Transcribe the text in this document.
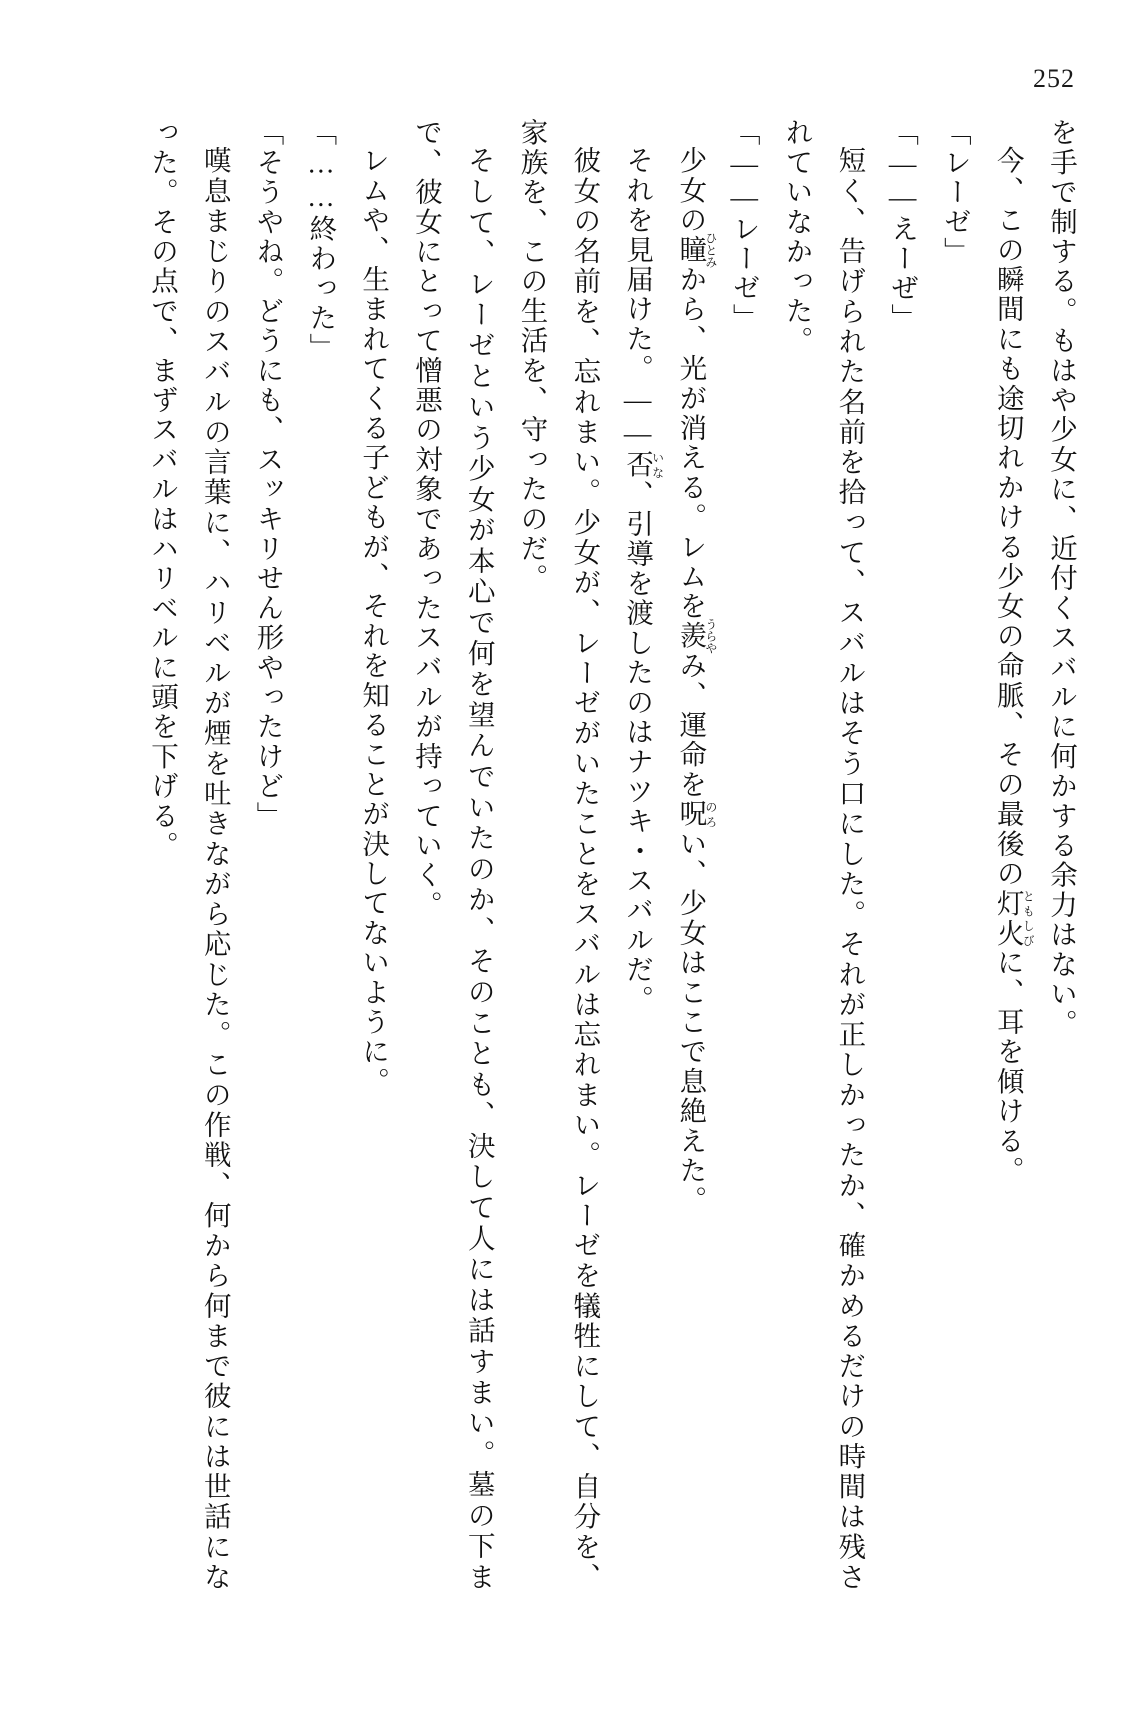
252

を手で制する。もはや少女に、近付くスバルに何かする余力はない。

今、この瞬間にも途切れかける少女の命脈、その最後の灯火ともしびに、耳を傾ける。

「レーゼ」

「――えーぜ」

短く、告げられた名前を拾って、スバルはそう口にした。それが正しかったか、確かめるだけの時間は残されていなかった。

「――レーゼ」

少女の瞳ひとみから、光が消える。レムを羨うらやみ、運命を呪のろい、少女はここで息絶えた。

それを見届けた。――否いな、引導を渡したのはナツキ・スバルだ。

彼女の名前を、忘れまい。少女が、レーゼがいたことをスバルは忘れまい。レーゼを犠牲にして、自分を、家族を、この生活を、守ったのだ。

そして、レーゼという少女が本心で何を望んでいたのか、そのことも、決して人には話すまい。墓の下まで、彼女にとって憎悪の対象であったスバルが持っていく。

レムや、生まれてくる子どもが、それを知ることが決してないように。

「……終わった」

「そうやね。どうにも、スッキリせん形やったけど」

嘆息まじりのスバルの言葉に、ハリベルが煙を吐きながら応じた。この作戦、何から何まで彼には世話になった。その点で、まずスバルはハリベルに頭を下げる。
